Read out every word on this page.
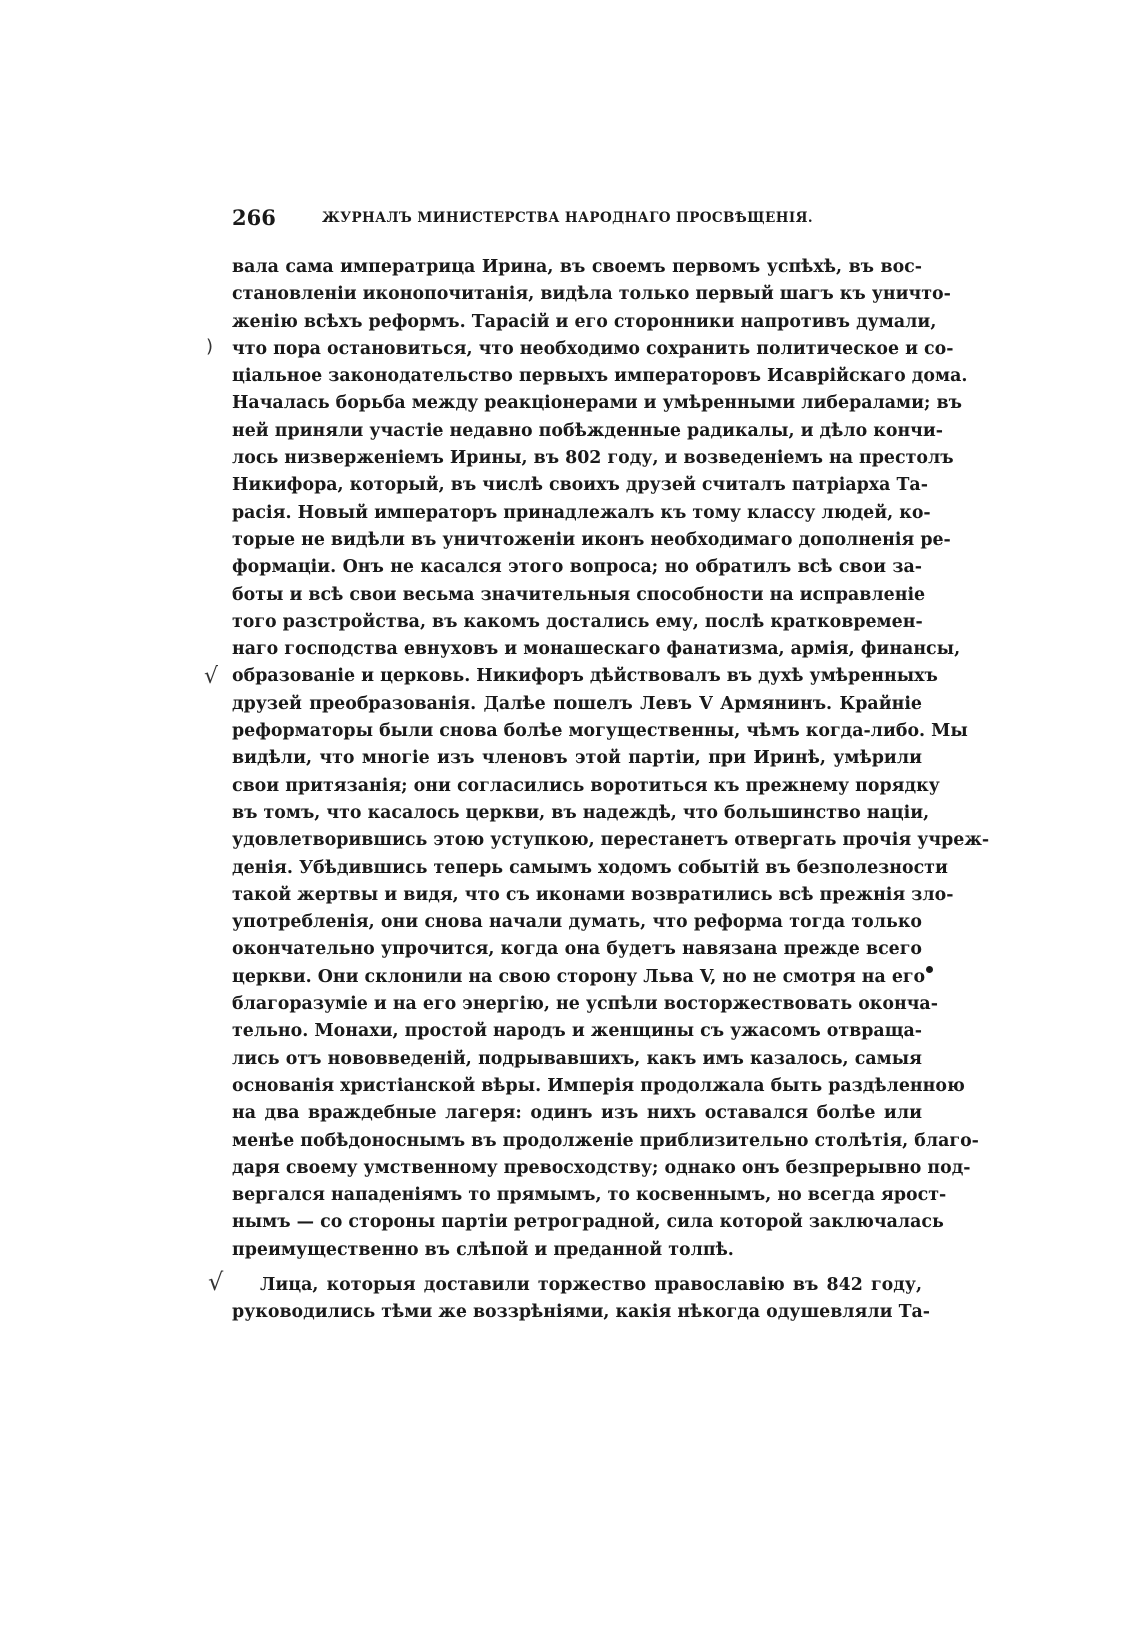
266	ЖУРНАЛЪ МИНИСТЕРСТВА НАРОДНАГО ПРОСВѢЩЕНІЯ.
вала сама императрица Ирина, въ своемъ первомъ успѣхѣ, въ вос-
становленіи иконопочитанія, видѣла только первый шагъ къ уничто-
женію всѣхъ реформъ. Тарасій и его сторонники напротивъ думали,
что пора остановиться, что необходимо сохранить политическое и со-
ціальное законодательство первыхъ императоровъ Исаврійскаго дома.
Началась борьба между реакціонерами и умѣренными либералами; въ
ней приняли участіе недавно побѣжденные радикалы, и дѣло кончи-
лось низверженіемъ Ирины, въ 802 году, и возведеніемъ на престолъ
Никифора, который, въ числѣ своихъ друзей считалъ патріарха Та-
расія. Новый императоръ принадлежалъ къ тому классу людей, ко-
торые не видѣли въ уничтоженіи иконъ необходимаго дополненія ре-
формаціи. Онъ не касался этого вопроса; но обратилъ всѣ свои за-
боты и всѣ свои весьма значительныя способности на исправленіе
того разстройства, въ какомъ достались ему, послѣ кратковремен-
наго господства евнуховъ и монашескаго фанатизма, армія, финансы,
образованіе и церковь. Никифоръ дѣйствовалъ въ духѣ умѣренныхъ
друзей преобразованія. Далѣе пошелъ Левъ V Армянинъ. Крайніе
реформаторы были снова болѣе могущественны, чѣмъ когда-либо. Мы
видѣли, что многіе изъ членовъ этой партіи, при Иринѣ, умѣрили
свои притязанія; они согласились воротиться къ прежнему порядку
въ томъ, что касалось церкви, въ надеждѣ, что большинство націи,
удовлетворившись этою уступкою, перестанетъ отвергать прочія учреж-
денія. Убѣдившись теперь самымъ ходомъ событій въ безполезности
такой жертвы и видя, что съ иконами возвратились всѣ прежнія зло-
употребленія, они снова начали думать, что реформа тогда только
окончательно упрочится, когда она будетъ навязана прежде всего
церкви. Они склонили на свою сторону Льва V, но не смотря на его
благоразуміе и на его энергію, не успѣли восторжествовать оконча-
тельно. Монахи, простой народъ и женщины съ ужасомъ отвраща-
лись отъ нововведеній, подрывавшихъ, какъ имъ казалось, самыя
основанія христіанской вѣры. Имперія продолжала быть раздѣленною
на два враждебные лагеря: одинъ изъ нихъ оставался болѣе или
менѣе побѣдоноснымъ въ продолженіе приблизительно столѣтія, благо-
даря своему умственному превосходству; однако онъ безпрерывно под-
вергался нападеніямъ то прямымъ, то косвеннымъ, но всегда ярост-
нымъ — со стороны партіи ретроградной, сила которой заключалась
преимущественно въ слѣпой и преданной толпѣ.
Лица, которыя доставили торжество православію въ 842 году,
руководились тѣми же воззрѣніями, какія нѣкогда одушевляли Та-
)
√
√
